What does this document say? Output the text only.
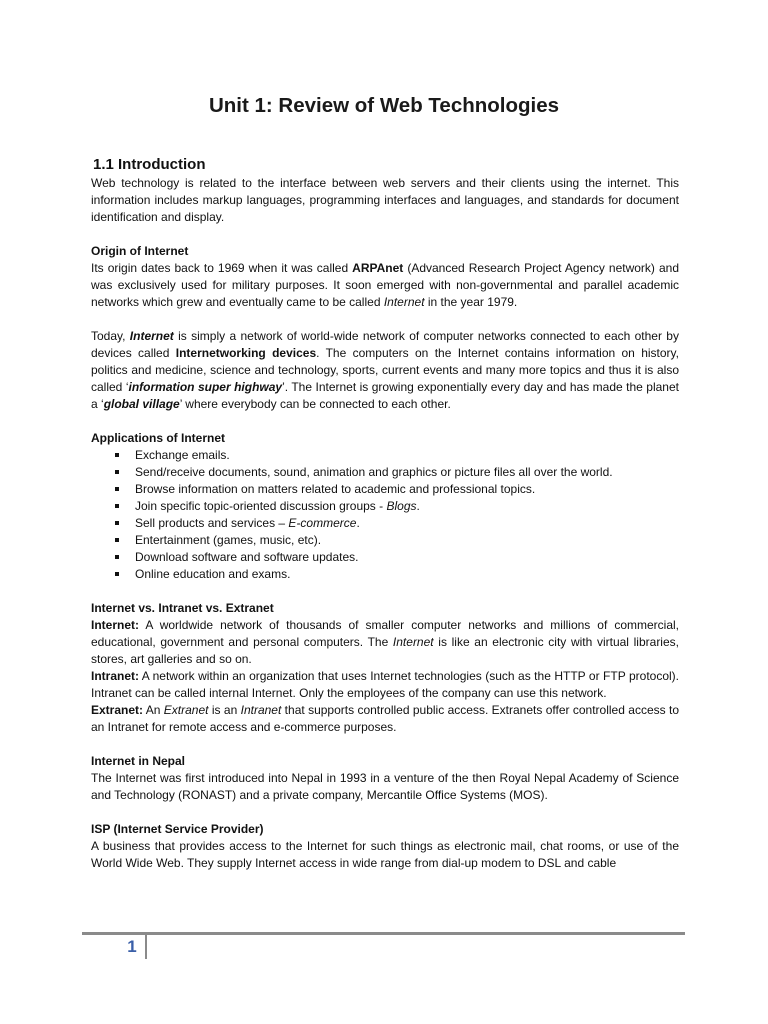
Unit 1: Review of Web Technologies
1.1 Introduction

Web technology is related to the interface between web servers and their clients using the internet. This information includes markup languages, programming interfaces and languages, and standards for document identification and display.

Origin of Internet

Its origin dates back to 1969 when it was called ARPAnet (Advanced Research Project Agency network) and was exclusively used for military purposes. It soon emerged with non-governmental and parallel academic networks which grew and eventually came to be called Internet in the year 1979.

Today, Internet is simply a network of world-wide network of computer networks connected to each other by devices called Internetworking devices. The computers on the Internet contains information on history, politics and medicine, science and technology, sports, current events and many more topics and thus it is also called ‘information super highway’. The Internet is growing exponentially every day and has made the planet a ‘global village’ where everybody can be connected to each other.

Applications of Internet
Exchange emails.
Send/receive documents, sound, animation and graphics or picture files all over the world.
Browse information on matters related to academic and professional topics.
Join specific topic-oriented discussion groups - Blogs.
Sell products and services – E-commerce.
Entertainment (games, music, etc).
Download software and software updates.
Online education and exams.
Internet vs. Intranet vs. Extranet

Internet: A worldwide network of thousands of smaller computer networks and millions of commercial, educational, government and personal computers. The Internet is like an electronic city with virtual libraries, stores, art galleries and so on.

Intranet: A network within an organization that uses Internet technologies (such as the HTTP or FTP protocol). Intranet can be called internal Internet. Only the employees of the company can use this network.

Extranet: An Extranet is an Intranet that supports controlled public access. Extranets offer controlled access to an Intranet for remote access and e-commerce purposes.

Internet in Nepal

The Internet was first introduced into Nepal in 1993 in a venture of the then Royal Nepal Academy of Science and Technology (RONAST) and a private company, Mercantile Office Systems (MOS).

ISP (Internet Service Provider)

A business that provides access to the Internet for such things as electronic mail, chat rooms, or use of the World Wide Web. They supply Internet access in wide range from dial-up modem to DSL and cable

1
